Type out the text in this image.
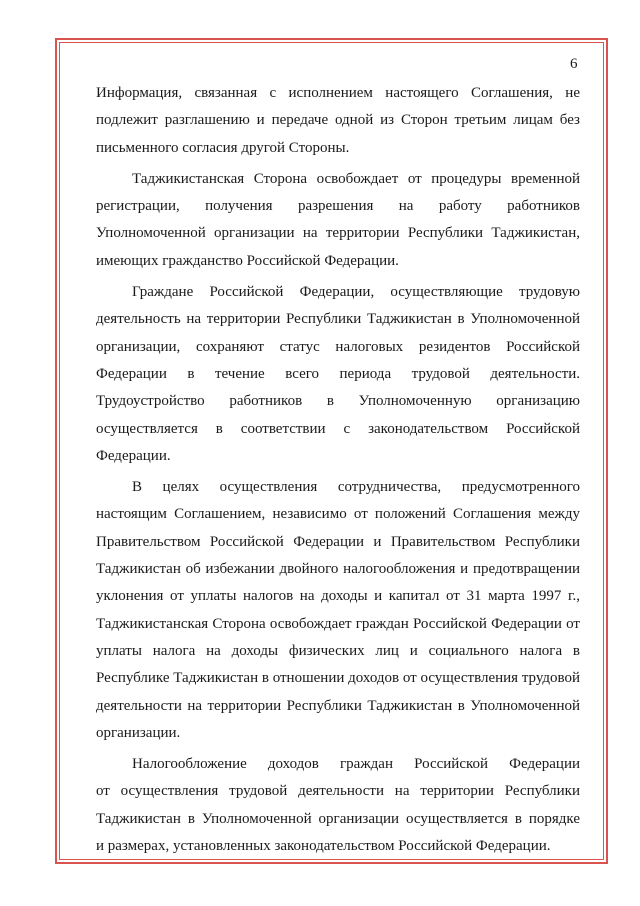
6

Информация, связанная с исполнением настоящего Соглашения, не
подлежит разглашению и передаче одной из Сторон третьим лицам без
письменного согласия другой Стороны.

Таджикистанская Сторона освобождает от процедуры временной
регистрации, получения разрешения на работу работников
Уполномоченной организации на территории Республики Таджикистан,
имеющих гражданство Российской Федерации.

Граждане Российской Федерации, осуществляющие трудовую
деятельность на территории Республики Таджикистан в Уполномоченной
организации, сохраняют статус налоговых резидентов Российской
Федерации в течение всего периода трудовой деятельности.
Трудоустройство работников в Уполномоченную организацию
осуществляется в соответствии с законодательством Российской
Федерации.

В целях осуществления сотрудничества, предусмотренного
настоящим Соглашением, независимо от положений Соглашения между
Правительством Российской Федерации и Правительством Республики
Таджикистан об избежании двойного налогообложения и предотвращении
уклонения от уплаты налогов на доходы и капитал от 31 марта 1997 г.,
Таджикистанская Сторона освобождает граждан Российской Федерации от
уплаты налога на доходы физических лиц и социального налога в
Республике Таджикистан в отношении доходов от осуществления трудовой
деятельности на территории Республики Таджикистан в Уполномоченной
организации.

Налогообложение доходов граждан Российской Федерации
от осуществления трудовой деятельности на территории Республики
Таджикистан в Уполномоченной организации осуществляется в порядке
и размерах, установленных законодательством Российской Федерации.
